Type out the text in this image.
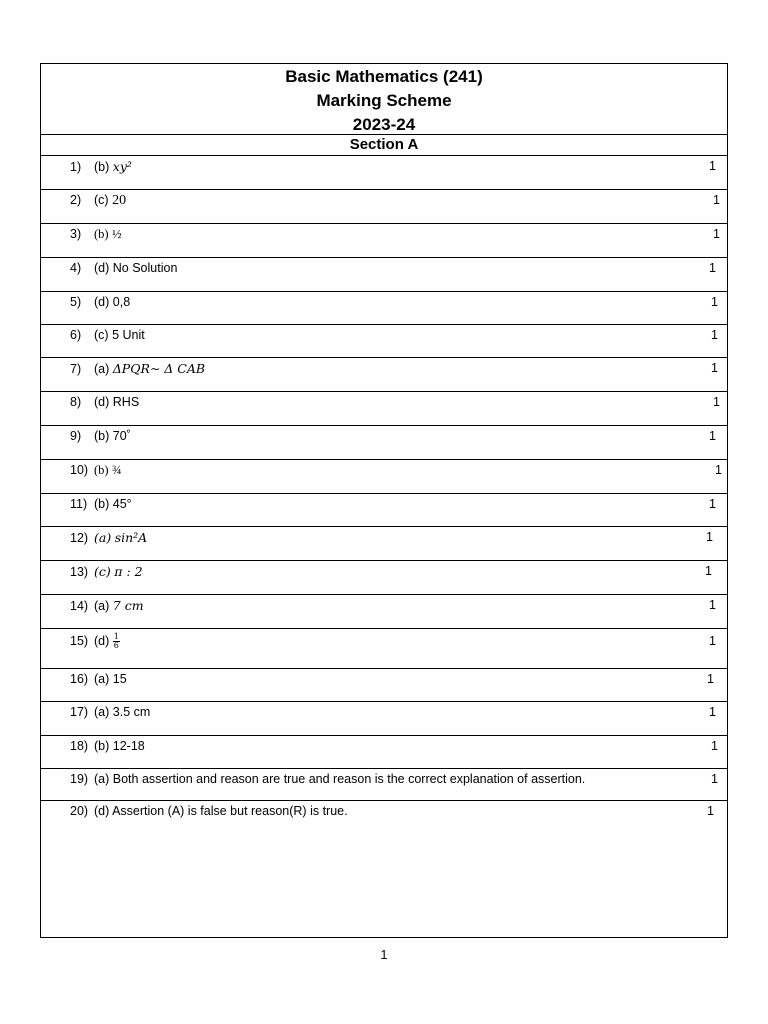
Basic Mathematics (241)
Marking Scheme
2023-24
Section A
1) (b) xy²	1
2) (c) 20	1
3) (b) ½	1
4) (d) No Solution	1
5) (d) 0,8	1
6) (c) 5 Unit	1
7) (a) ΔPQR∼ Δ CAB	1
8) (d) RHS	1
9) (b) 70˚	1
10) (b) ¾	1
11) (b) 45°	1
12) (a) sin²A	1
13) (c) π : 2	1
14) (a) 7 cm	1
15) $(d) \frac{1}{6}$	1
16) (a) 15	1
17) (a) 3.5 cm	1
18) (b) 12-18	1
19) (a) Both assertion and reason are true and reason is the correct explanation of assertion.	1
20) (d) Assertion (A) is false but reason(R) is true.	1
1
